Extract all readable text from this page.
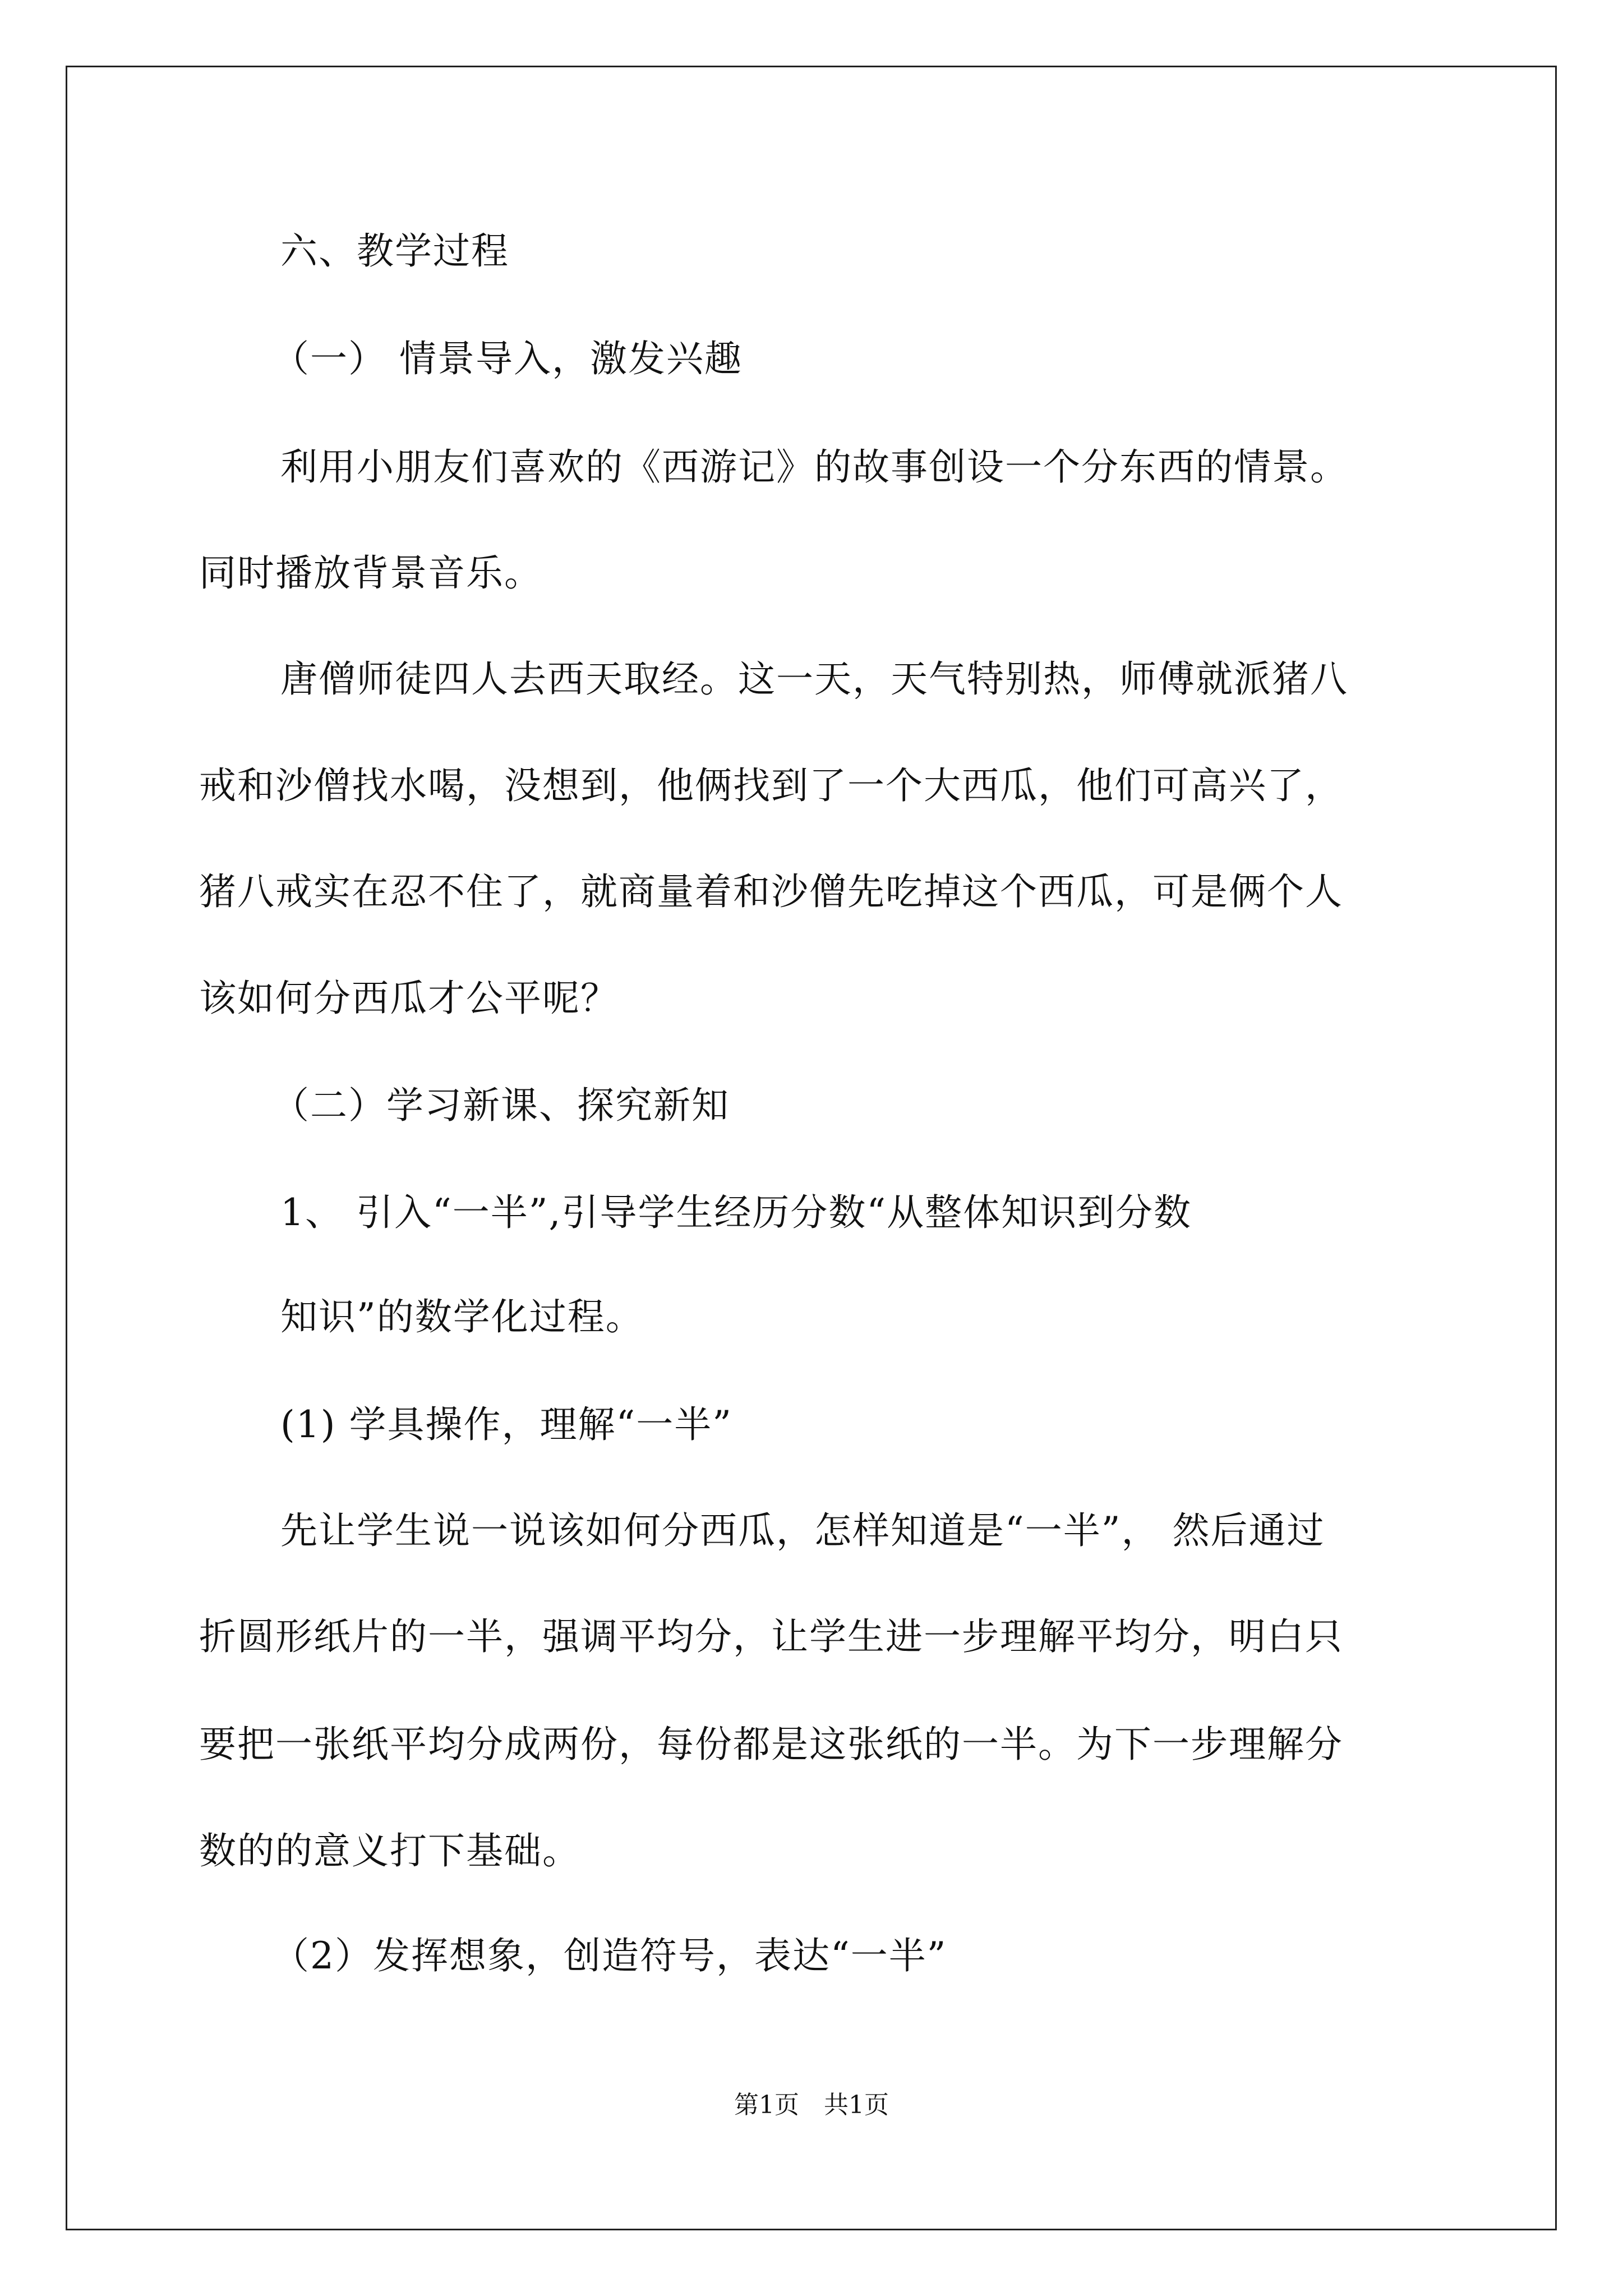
六、教学过程
（一） 情景导入，激发兴趣
利用小朋友们喜欢的《西游记》的故事创设一个分东西的情景。
同时播放背景音乐。
唐僧师徒四人去西天取经。这一天，天气特别热，师傅就派猪八
戒和沙僧找水喝，没想到，他俩找到了一个大西瓜，他们可高兴了，
猪八戒实在忍不住了，就商量着和沙僧先吃掉这个西瓜，可是俩个人
该如何分西瓜才公平呢？
（二）学习新课、探究新知
1、 引入“一半”,引导学生经历分数“从整体知识到分数
知识”的数学化过程。
(1) 学具操作，理解“一半”
先让学生说一说该如何分西瓜，怎样知道是“一半”， 然后通过
折圆形纸片的一半，强调平均分，让学生进一步理解平均分，明白只
要把一张纸平均分成两份，每份都是这张纸的一半。为下一步理解分
数的的意义打下基础。
（2）发挥想象，创造符号，表达“一半”
第1页　共1页
